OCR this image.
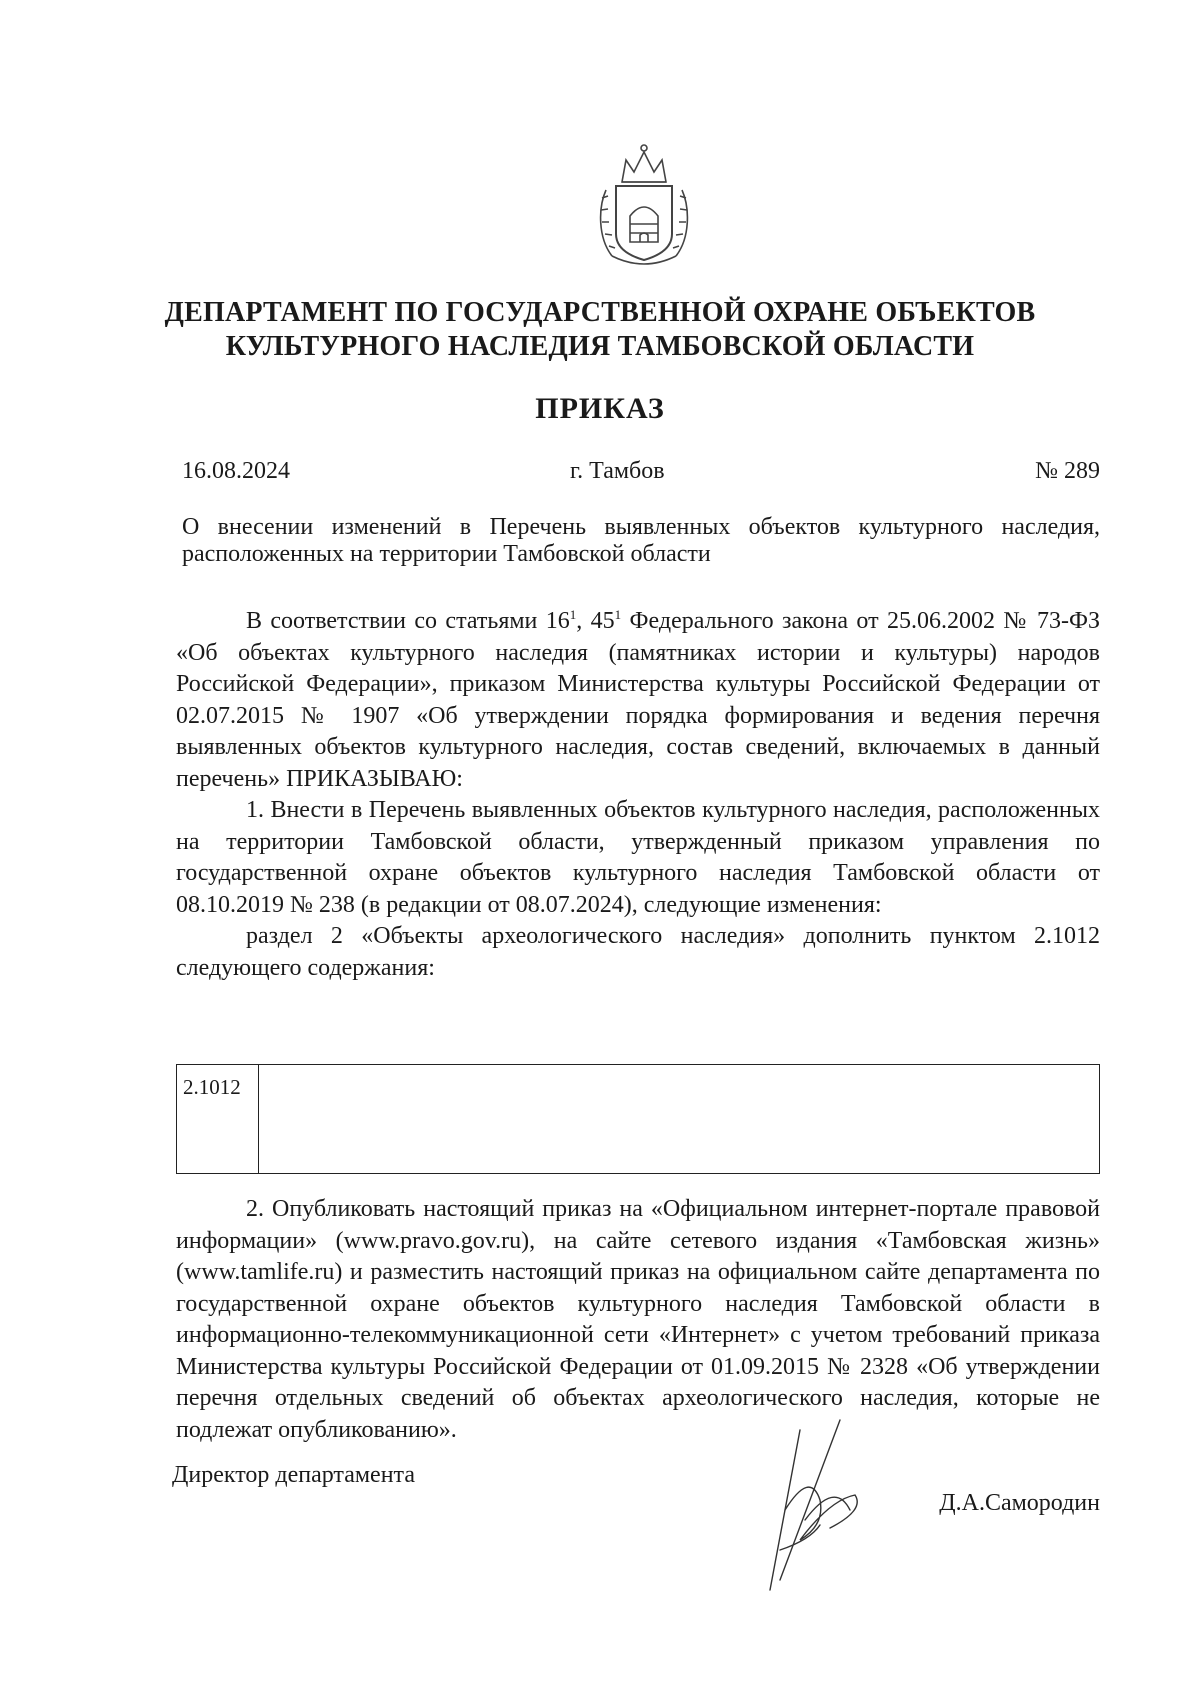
ДЕПАРТАМЕНТ ПО ГОСУДАРСТВЕННОЙ ОХРАНЕ ОБЪЕКТОВ
КУЛЬТУРНОГО НАСЛЕДИЯ ТАМБОВСКОЙ ОБЛАСТИ
ПРИКАЗ
16.08.2024	г. Тамбов	№ 289
О внесении изменений в Перечень выявленных объектов культурного наследия, расположенных на территории Тамбовской области

В соответствии со статьями $16^1$, $45^1$ Федерального закона от 25.06.2002 № 73-ФЗ «Об объектах культурного наследия (памятниках истории и культуры) народов Российской Федерации», приказом Министерства культуры Российской Федерации от 02.07.2015 № 1907 «Об утверждении порядка формирования и ведения перечня выявленных объектов культурного наследия, состав сведений, включаемых в данный перечень» ПРИКАЗЫВАЮ:

1. Внести в Перечень выявленных объектов культурного наследия, расположенных на территории Тамбовской области, утвержденный приказом управления по государственной охране объектов культурного наследия Тамбовской области от 08.10.2019 № 238 (в редакции от 08.07.2024), следующие изменения:

раздел 2 «Объекты археологического наследия» дополнить пунктом 2.1012 следующего содержания:

2.1012

2. Опубликовать настоящий приказ на «Официальном интернет-портале правовой информации» (www.pravo.gov.ru), на сайте сетевого издания «Тамбовская жизнь» (www.tamlife.ru) и разместить настоящий приказ на официальном сайте департамента по государственной охране объектов культурного наследия Тамбовской области в информационно-телекоммуникационной сети «Интернет» с учетом требований приказа Министерства культуры Российской Федерации от 01.09.2015 № 2328 «Об утверждении перечня отдельных сведений об объектах археологического наследия, которые не подлежат опубликованию».

Директор департамента
Д.А.Самородин
